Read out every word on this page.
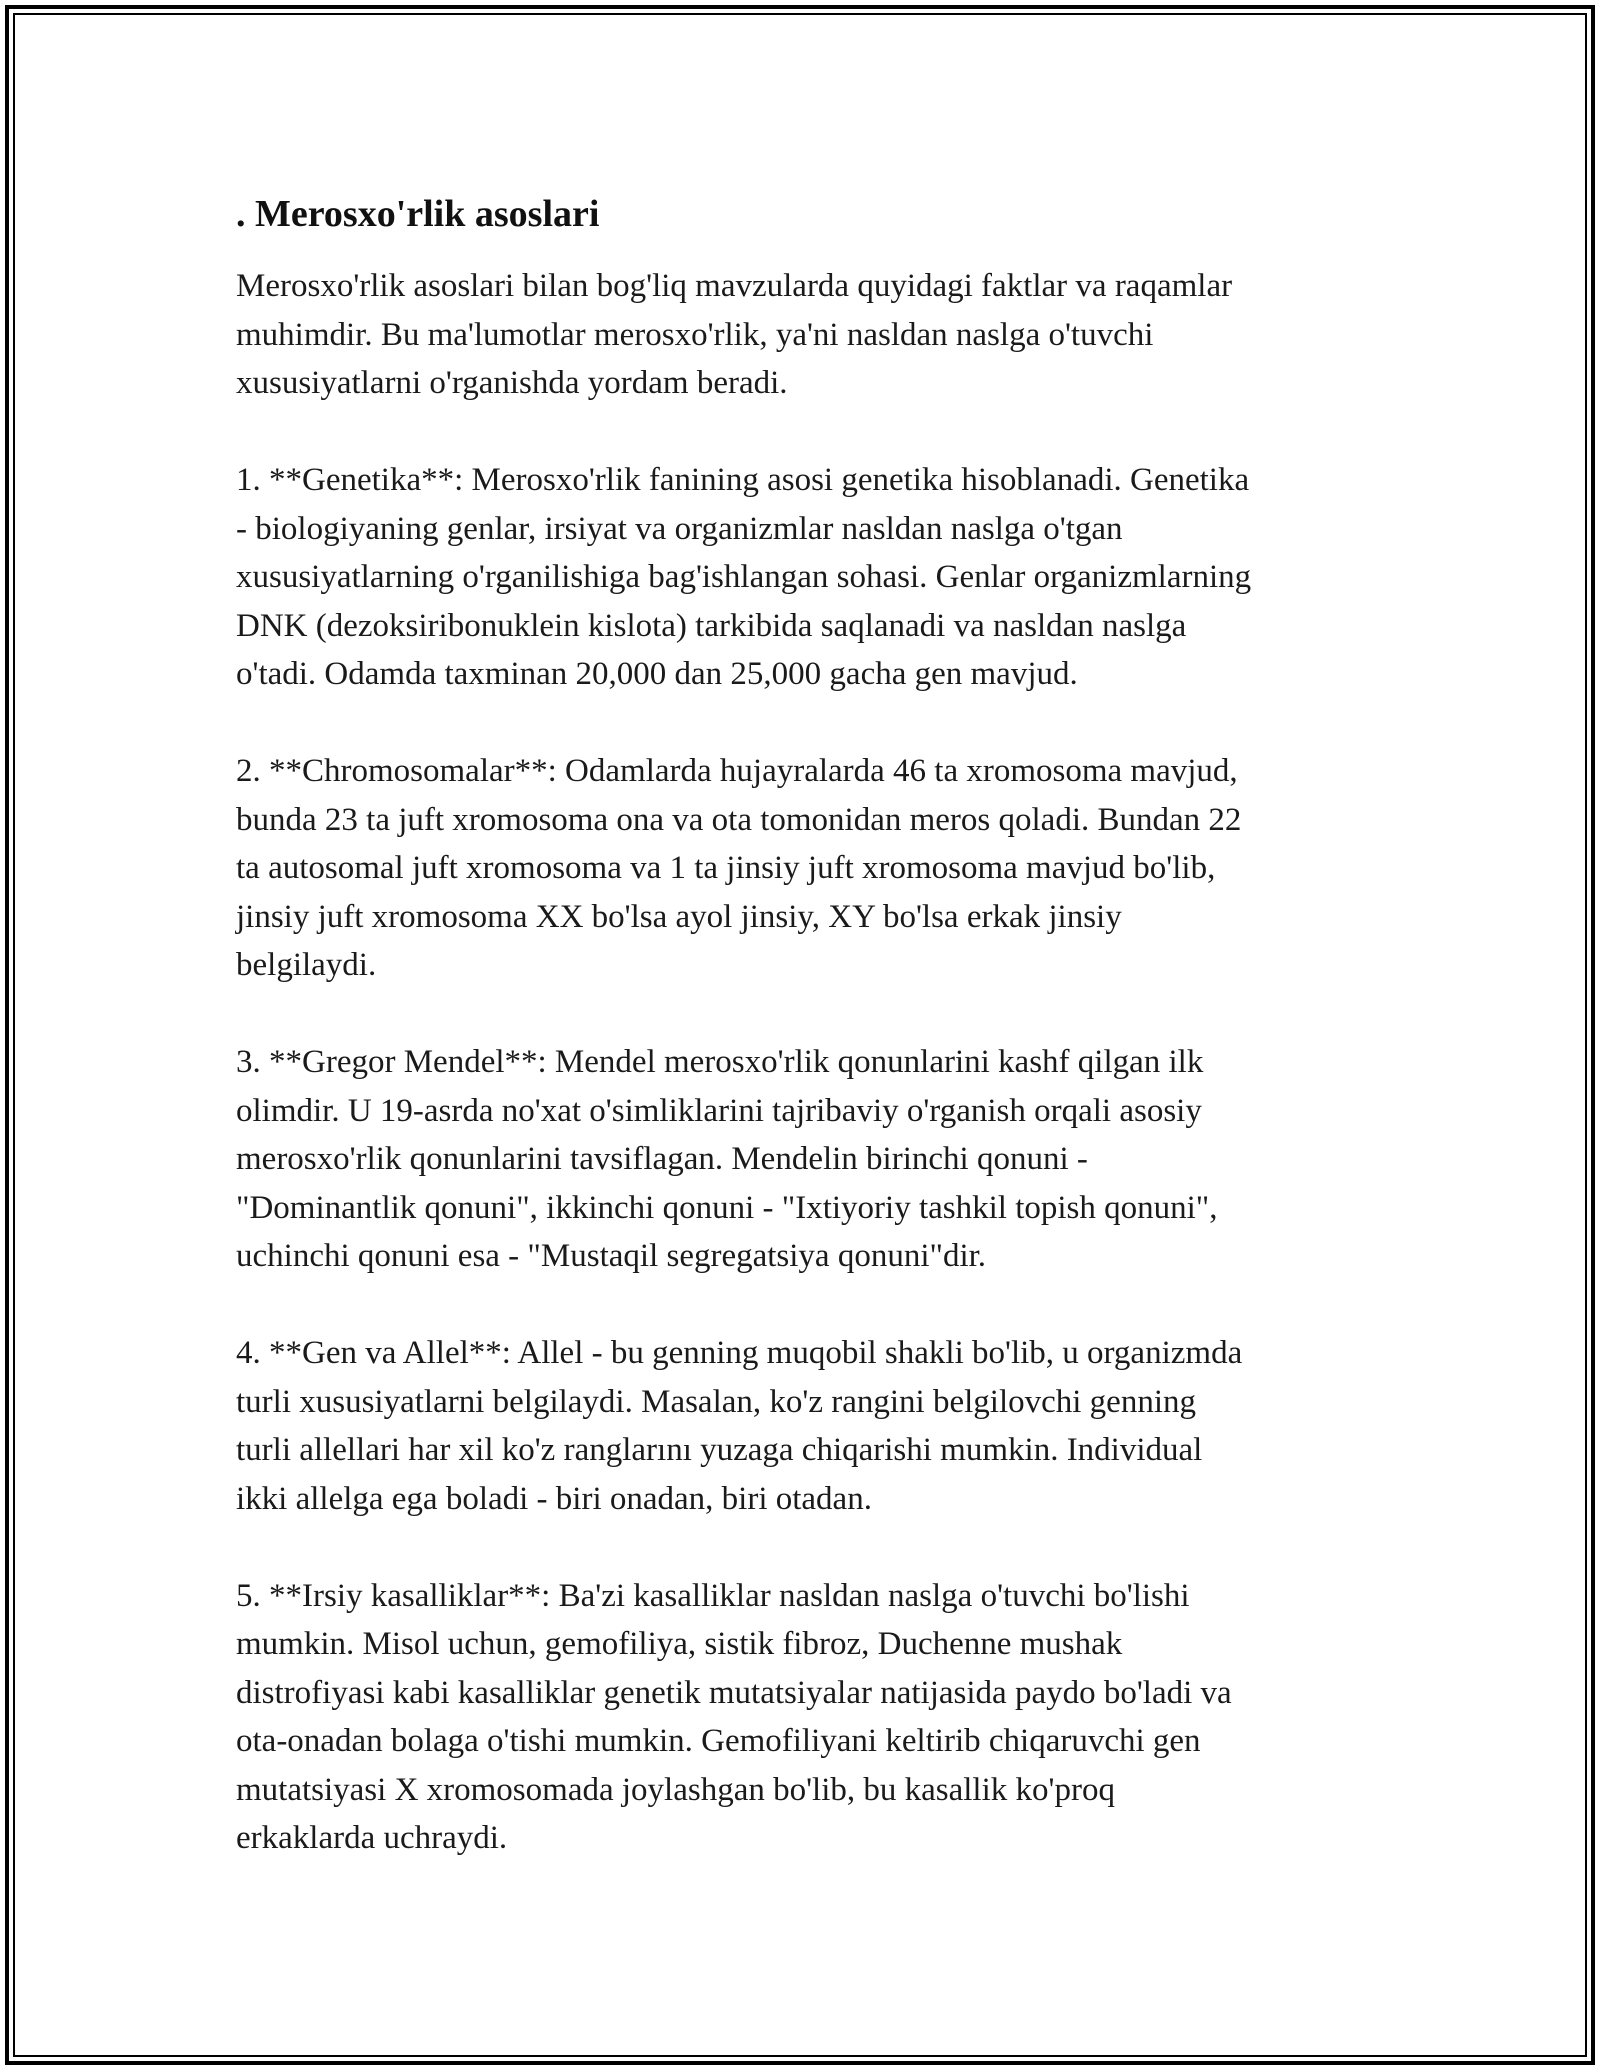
. Merosxo'rlik asoslari

Merosxo'rlik asoslari bilan bog'liq mavzularda quyidagi faktlar va raqamlar
muhimdir. Bu ma'lumotlar merosxo'rlik, ya'ni nasldan naslga o'tuvchi
xususiyatlarni o'rganishda yordam beradi.

1. **Genetika**: Merosxo'rlik fanining asosi genetika hisoblanadi. Genetika
- biologiyaning genlar, irsiyat va organizmlar nasldan naslga o'tgan
xususiyatlarning o'rganilishiga bag'ishlangan sohasi. Genlar organizmlarning
DNK (dezoksiribonuklein kislota) tarkibida saqlanadi va nasldan naslga
o'tadi. Odamda taxminan 20,000 dan 25,000 gacha gen mavjud.

2. **Chromosomalar**: Odamlarda hujayralarda 46 ta xromosoma mavjud,
bunda 23 ta juft xromosoma ona va ota tomonidan meros qoladi. Bundan 22
ta autosomal juft xromosoma va 1 ta jinsiy juft xromosoma mavjud bo'lib,
jinsiy juft xromosoma XX bo'lsa ayol jinsiy, XY bo'lsa erkak jinsiy
belgilaydi.

3. **Gregor Mendel**: Mendel merosxo'rlik qonunlarini kashf qilgan ilk
olimdir. U 19-asrda no'xat o'simliklarini tajribaviy o'rganish orqali asosiy
merosxo'rlik qonunlarini tavsiflagan. Mendelin birinchi qonuni -
"Dominantlik qonuni", ikkinchi qonuni - "Ixtiyoriy tashkil topish qonuni",
uchinchi qonuni esa - "Mustaqil segregatsiya qonuni"dir.

4. **Gen va Allel**: Allel - bu genning muqobil shakli bo'lib, u organizmda
turli xususiyatlarni belgilaydi. Masalan, ko'z rangini belgilovchi genning
turli allellari har xil ko'z ranglarını yuzaga chiqarishi mumkin. Individual
ikki allelga ega boladi - biri onadan, biri otadan.

5. **Irsiy kasalliklar**: Ba'zi kasalliklar nasldan naslga o'tuvchi bo'lishi
mumkin. Misol uchun, gemofiliya, sistik fibroz, Duchenne mushak
distrofiyasi kabi kasalliklar genetik mutatsiyalar natijasida paydo bo'ladi va
ota-onadan bolaga o'tishi mumkin. Gemofiliyani keltirib chiqaruvchi gen
mutatsiyasi X xromosomada joylashgan bo'lib, bu kasallik ko'proq
erkaklarda uchraydi.
